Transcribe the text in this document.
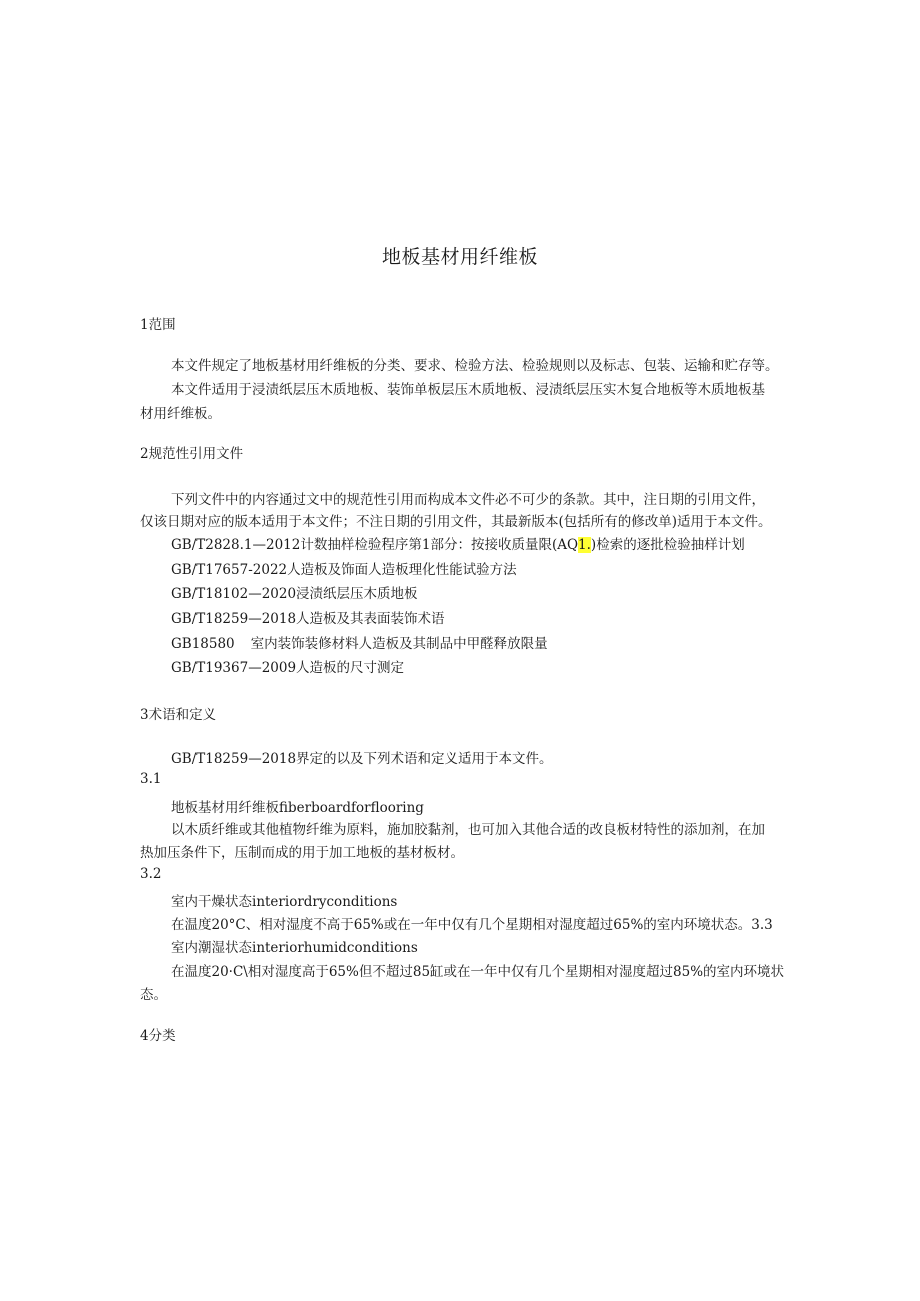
地板基材用纤维板
1范围
本文件规定了地板基材用纤维板的分类、要求、检验方法、检验规则以及标志、包装、运输和贮存等。
本文件适用于浸渍纸层压木质地板、装饰单板层压木质地板、浸渍纸层压实木复合地板等木质地板基
材用纤维板。
2规范性引用文件
下列文件中的内容通过文中的规范性引用而构成本文件必不可少的条款。其中，注日期的引用文件，
仅该日期对应的版本适用于本文件；不注日期的引用文件，其最新版本(包括所有的修改单)适用于本文件。
GB/T2828.1—2012计数抽样检验程序第1部分：按接收质量限(AQ1.)检索的逐批检验抽样计划
GB/T17657-2022人造板及饰面人造板理化性能试验方法
GB/T18102—2020浸渍纸层压木质地板
GB/T18259—2018人造板及其表面装饰术语
GB18580 室内装饰装修材料人造板及其制品中甲醛释放限量
GB/T19367—2009人造板的尺寸测定
3术语和定义
GB/T18259—2018界定的以及下列术语和定义适用于本文件。
3.1
地板基材用纤维板fiberboardforflooring
以木质纤维或其他植物纤维为原料，施加胶黏剂，也可加入其他合适的改良板材特性的添加剂，在加
热加压条件下，压制而成的用于加工地板的基材板材。
3.2
室内干燥状态interiordryconditions
在温度20°C、相对湿度不高于65%或在一年中仅有几个星期相对湿度超过65%的室内环境状态。3.3
室内潮湿状态interiorhumidconditions
在温度20·C\相对湿度高于65%但不超过85缸或在一年中仅有几个星期相对湿度超过85%的室内环境状
态。
4分类
